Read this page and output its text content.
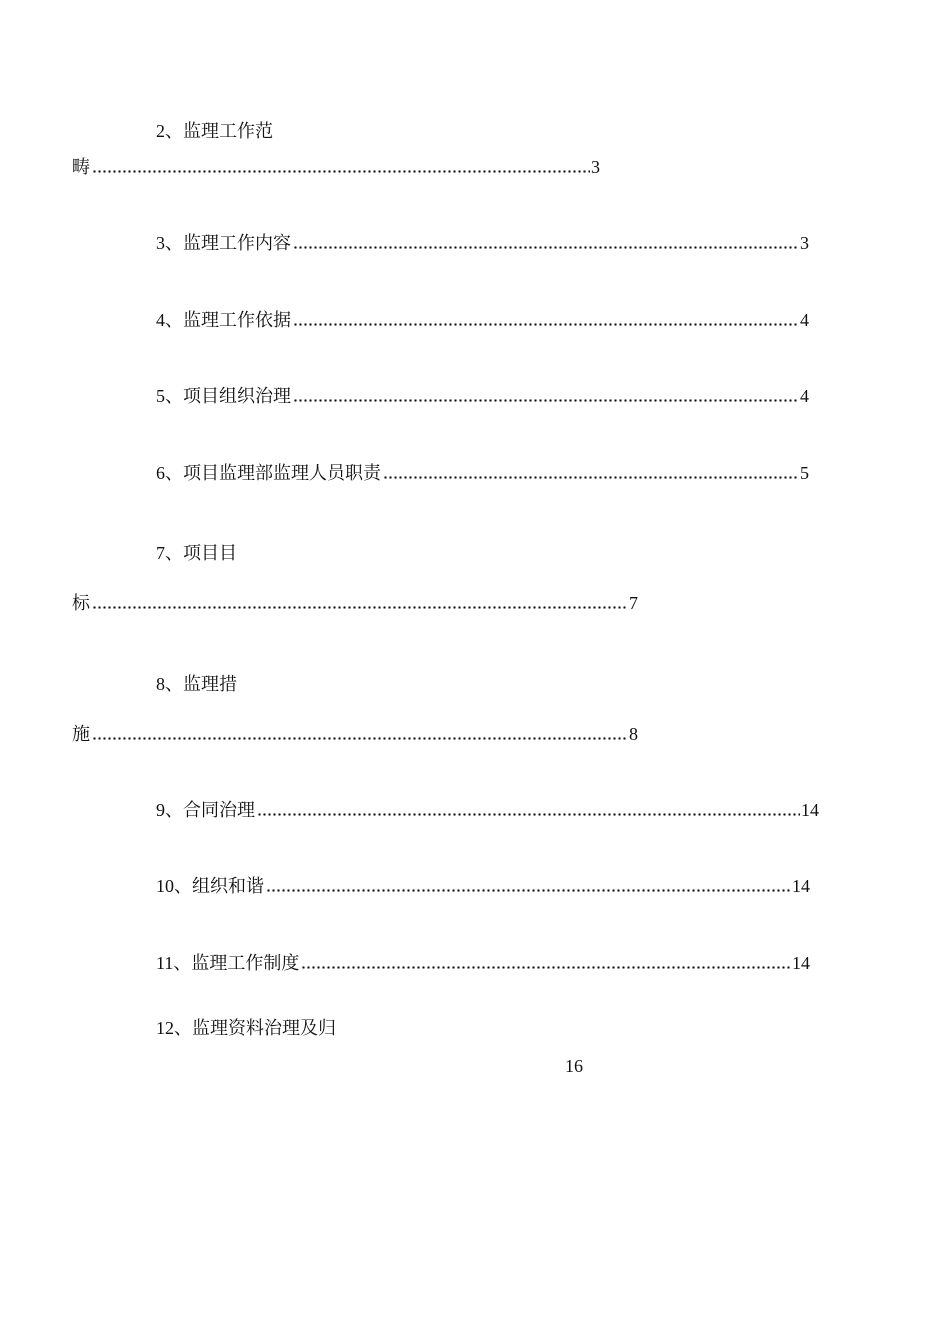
2、监理工作范
畴	3
3、监理工作内容	3
4、监理工作依据	4
5、项目组织治理	4
6、项目监理部监理人员职责	5
7、项目目
标	7
8、监理措
施	8
9、合同治理	14
10、组织和谐	14
11、监理工作制度	14
12、监理资料治理及归
16
